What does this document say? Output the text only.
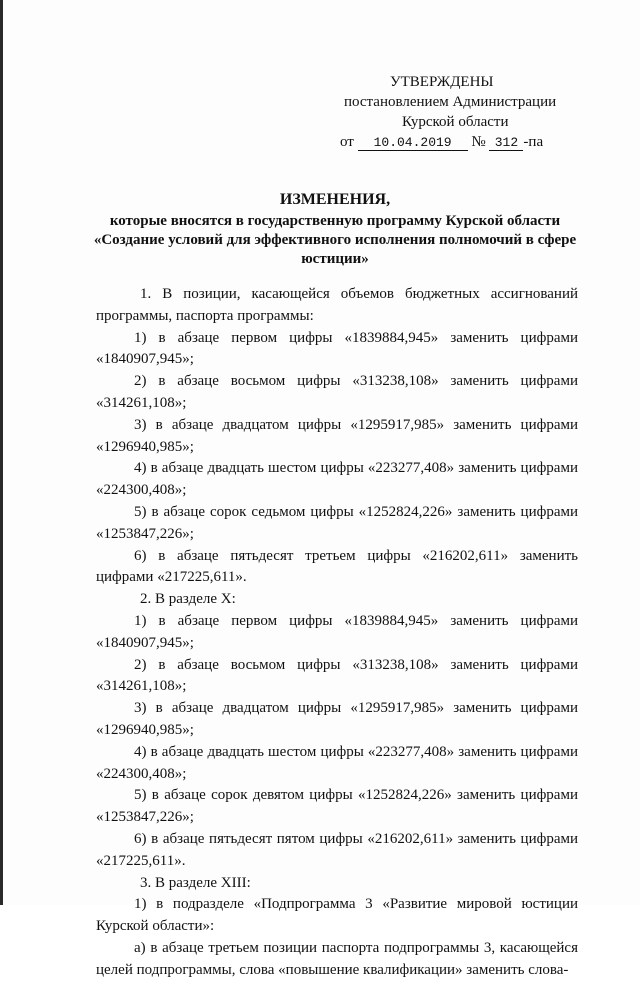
УТВЕРЖДЕНЫ
постановлением Администрации
Курской области
от 10.04.2019 № 312 -па
ИЗМЕНЕНИЯ,
которые вносятся в государственную программу Курской области
«Создание условий для эффективного исполнения полномочий в сфере юстиции»
1. В позиции, касающейся объемов бюджетных ассигнований программы, паспорта программы:
1) в абзаце первом цифры «1839884,945» заменить цифрами «1840907,945»;
2) в абзаце восьмом цифры «313238,108» заменить цифрами «314261,108»;
3) в абзаце двадцатом цифры «1295917,985» заменить цифрами «1296940,985»;
4) в абзаце двадцать шестом цифры «223277,408» заменить цифрами «224300,408»;
5) в абзаце сорок седьмом цифры «1252824,226» заменить цифрами «1253847,226»;
6) в абзаце пятьдесят третьем цифры «216202,611» заменить цифрами «217225,611».
2. В разделе X:
1) в абзаце первом цифры «1839884,945» заменить цифрами «1840907,945»;
2) в абзаце восьмом цифры «313238,108» заменить цифрами «314261,108»;
3) в абзаце двадцатом цифры «1295917,985» заменить цифрами «1296940,985»;
4) в абзаце двадцать шестом цифры «223277,408» заменить цифрами «224300,408»;
5) в абзаце сорок девятом цифры «1252824,226» заменить цифрами «1253847,226»;
6) в абзаце пятьдесят пятом цифры «216202,611» заменить цифрами «217225,611».
3. В разделе XIII:
1) в подразделе «Подпрограмма 3 «Развитие мировой юстиции Курской области»:
а) в абзаце третьем позиции паспорта подпрограммы 3, касающейся целей подпрограммы, слова «повышение квалификации» заменить слова-
